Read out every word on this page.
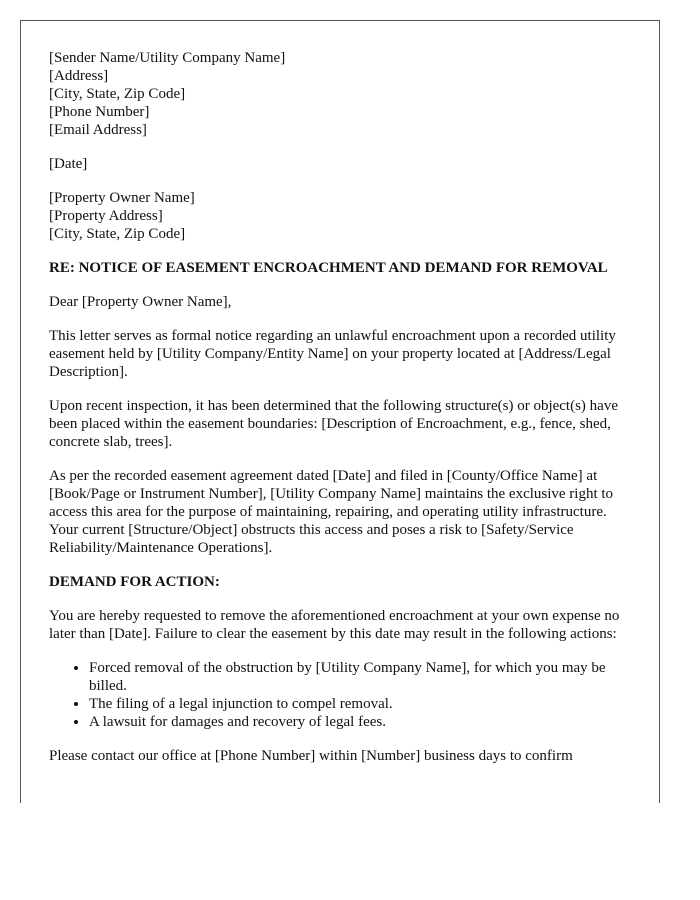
[Sender Name/Utility Company Name]
[Address]
[City, State, Zip Code]
[Phone Number]
[Email Address]
[Date]
[Property Owner Name]
[Property Address]
[City, State, Zip Code]
RE: NOTICE OF EASEMENT ENCROACHMENT AND DEMAND FOR REMOVAL

Dear [Property Owner Name],

This letter serves as formal notice regarding an unlawful encroachment upon a recorded utility easement held by [Utility Company/Entity Name] on your property located at [Address/Legal Description].

Upon recent inspection, it has been determined that the following structure(s) or object(s) have been placed within the easement boundaries: [Description of Encroachment, e.g., fence, shed, concrete slab, trees].

As per the recorded easement agreement dated [Date] and filed in [County/Office Name] at [Book/Page or Instrument Number], [Utility Company Name] maintains the exclusive right to access this area for the purpose of maintaining, repairing, and operating utility infrastructure. Your current [Structure/Object] obstructs this access and poses a risk to [Safety/Service Reliability/Maintenance Operations].

DEMAND FOR ACTION:

You are hereby requested to remove the aforementioned encroachment at your own expense no later than [Date]. Failure to clear the easement by this date may result in the following actions:

• Forced removal of the obstruction by [Utility Company Name], for which you may be billed.
• The filing of a legal injunction to compel removal.
• A lawsuit for damages and recovery of legal fees.

Please contact our office at [Phone Number] within [Number] business days to confirm
